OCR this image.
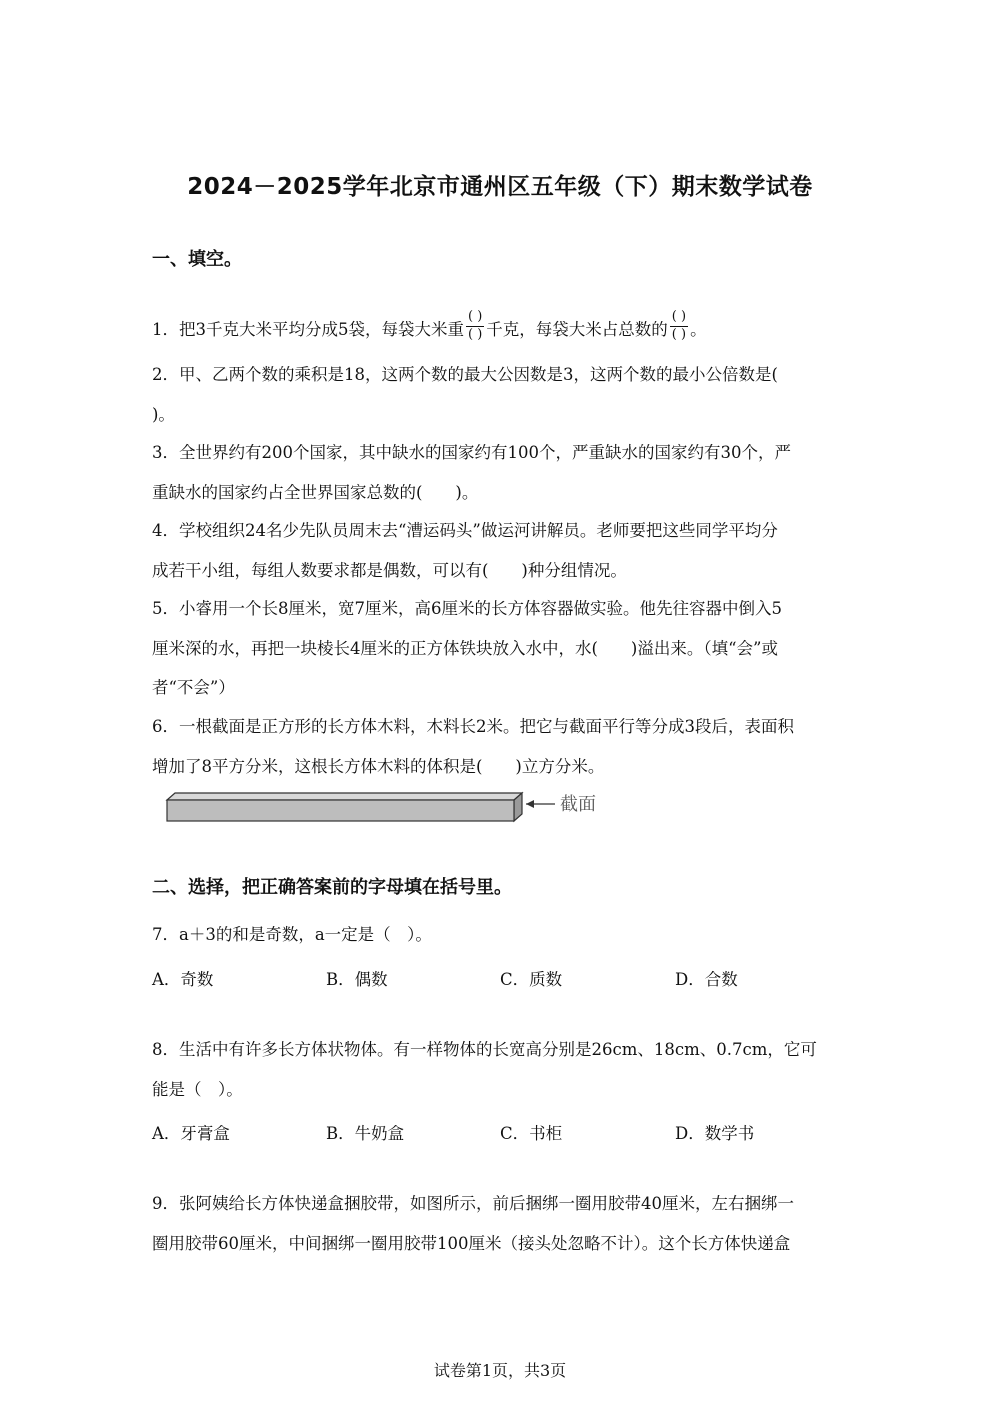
2024－2025学年北京市通州区五年级（下）期末数学试卷
一、填空。
1．把3千克大米平均分成5袋，每袋大米重 $\frac{( )}{( )}$ 千克，每袋大米占总数的 $\frac{( )}{( )}$ 。
2．甲、乙两个数的乘积是18，这两个数的最大公因数是3，这两个数的最小公倍数是(
)。
3．全世界约有200个国家，其中缺水的国家约有100个，严重缺水的国家约有30个，严
重缺水的国家约占全世界国家总数的(　　)。
4．学校组织24名少先队员周末去“漕运码头”做运河讲解员。老师要把这些同学平均分
成若干小组，每组人数要求都是偶数，可以有(　　)种分组情况。
5．小睿用一个长8厘米，宽7厘米，高6厘米的长方体容器做实验。他先往容器中倒入5
厘米深的水，再把一块棱长4厘米的正方体铁块放入水中，水(　　)溢出来。（填“会”或
者“不会”）
6．一根截面是正方形的长方体木料，木料长2米。把它与截面平行等分成3段后，表面积
增加了8平方分米，这根长方体木料的体积是(　　)立方分米。
截面
二、选择，把正确答案前的字母填在括号里。
7．a＋3的和是奇数，a一定是（　）。
A．奇数	B．偶数	C．质数	D．合数
8．生活中有许多长方体状物体。有一样物体的长宽高分别是26cm、18cm、0.7cm，它可
能是（　）。
A．牙膏盒	B．牛奶盒	C．书柜	D．数学书
9．张阿姨给长方体快递盒捆胶带，如图所示，前后捆绑一圈用胶带40厘米，左右捆绑一
圈用胶带60厘米，中间捆绑一圈用胶带100厘米（接头处忽略不计）。这个长方体快递盒
试卷第1页，共3页
